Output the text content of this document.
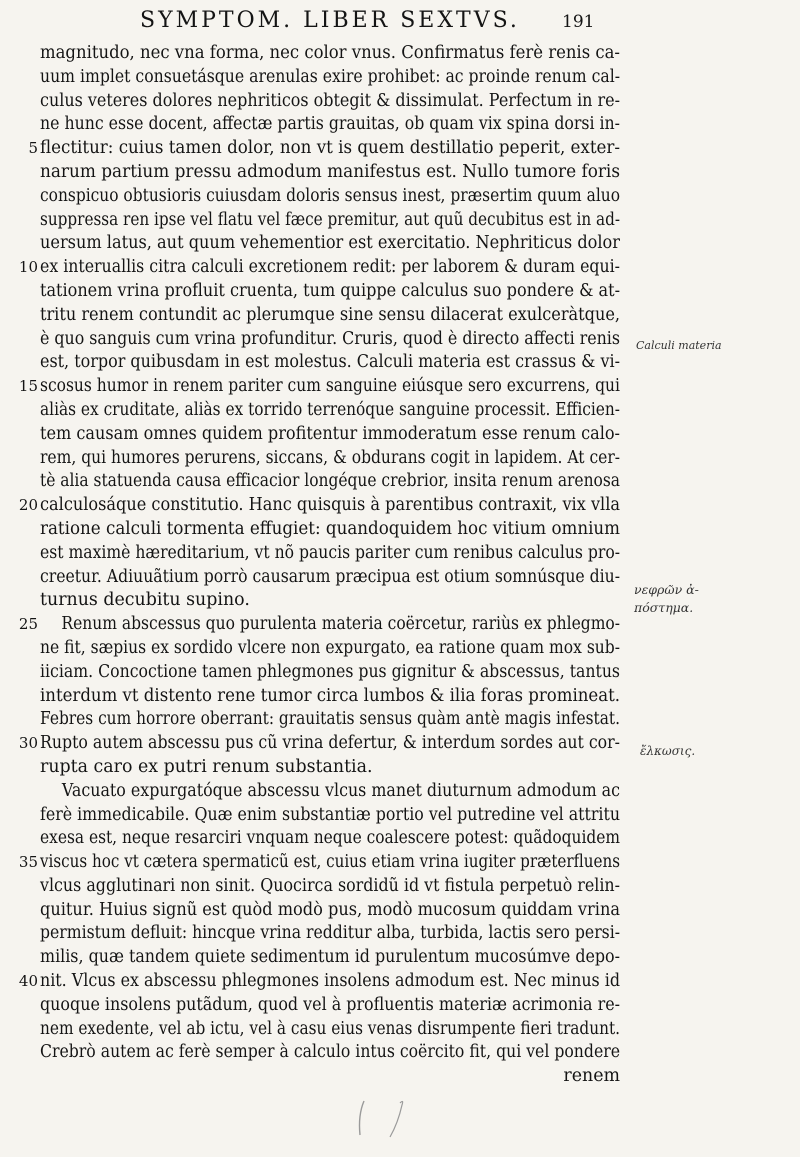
SYMPTOM. LIBER SEXTVS.	191
magnitudo, nec vna forma, nec color vnus. Confirmatus ferè renis ca-
uum implet consuetásque arenulas exire prohibet: ac proinde renum cal-
culus veteres dolores nephriticos obtegit & dissimulat. Perfectum in re-
ne hunc esse docent, affectæ partis grauitas, ob quam vix spina dorsi in-
5 flectitur: cuius tamen dolor, non vt is quem destillatio peperit, exter-
narum partium pressu admodum manifestus est. Nullo tumore foris
conspicuo obtusioris cuiusdam doloris sensus inest, præsertim quum aluo
suppressa ren ipse vel flatu vel fæce premitur, aut quũ decubitus est in ad-
uersum latus, aut quum vehementior est exercitatio. Nephriticus dolor
10 ex interuallis citra calculi excretionem redit: per laborem & duram equi-
tationem vrina profluit cruenta, tum quippe calculus suo pondere & at-
tritu renem contundit ac plerumque sine sensu dilacerat exulceràtque,
è quo sanguis cum vrina profunditur. Cruris, quod è directo affecti renis
est, torpor quibusdam in est molestus. Calculi materia est crassus & vi-
15 scosus humor in renem pariter cum sanguine eiúsque sero excurrens, qui
aliàs ex cruditate, aliàs ex torrido terrenóque sanguine processit. Efficien-
tem causam omnes quidem profitentur immoderatum esse renum calo-
rem, qui humores perurens, siccans, & obdurans cogit in lapidem. At cer-
tè alia statuenda causa efficacior longéque crebrior, insita renum arenosa
20 calculosáque constitutio. Hanc quisquis à parentibus contraxit, vix vlla
ratione calculi tormenta effugiet: quandoquidem hoc vitium omnium
est maximè hæreditarium, vt nõ paucis pariter cum renibus calculus pro-
creetur. Adiuuãtium porrò causarum præcipua est otium somnúsque diu-
turnus decubitu supino.
25 Renum abscessus quo purulenta materia coërcetur, rariùs ex phlegmo-
ne fit, sæpius ex sordido vlcere non expurgato, ea ratione quam mox sub-
iiciam. Concoctione tamen phlegmones pus gignitur & abscessus, tantus
interdum vt distento rene tumor circa lumbos & ilia foras promineat.
Febres cum horrore oberrant: grauitatis sensus quàm antè magis infestat.
30 Rupto autem abscessu pus cũ vrina defertur, & interdum sordes aut cor-
rupta caro ex putri renum substantia.
Vacuato expurgatóque abscessu vlcus manet diuturnum admodum ac
ferè immedicabile. Quæ enim substantiæ portio vel putredine vel attritu
exesa est, neque resarciri vnquam neque coalescere potest: quãdoquidem
35 viscus hoc vt cætera spermaticũ est, cuius etiam vrina iugiter præterfluens
vlcus agglutinari non sinit. Quocirca sordidũ id vt fistula perpetuò relin-
quitur. Huius signũ est quòd modò pus, modò mucosum quiddam vrina
permistum defluit: hincque vrina redditur alba, turbida, lactis sero persi-
milis, quæ tandem quiete sedimentum id purulentum mucosúmve depo-
40 nit. Vlcus ex abscessu phlegmones insolens admodum est. Nec minus id
quoque insolens putãdum, quod vel à profluentis materiæ acrimonia re-
nem exedente, vel ab ictu, vel à casu eius venas disrumpente fieri tradunt.
Crebrò autem ac ferè semper à calculo intus coërcito fit, qui vel pondere
renem
Calculi materia
νεφρῶν ἀ-
πόστημα.
ἔλκωσις.
